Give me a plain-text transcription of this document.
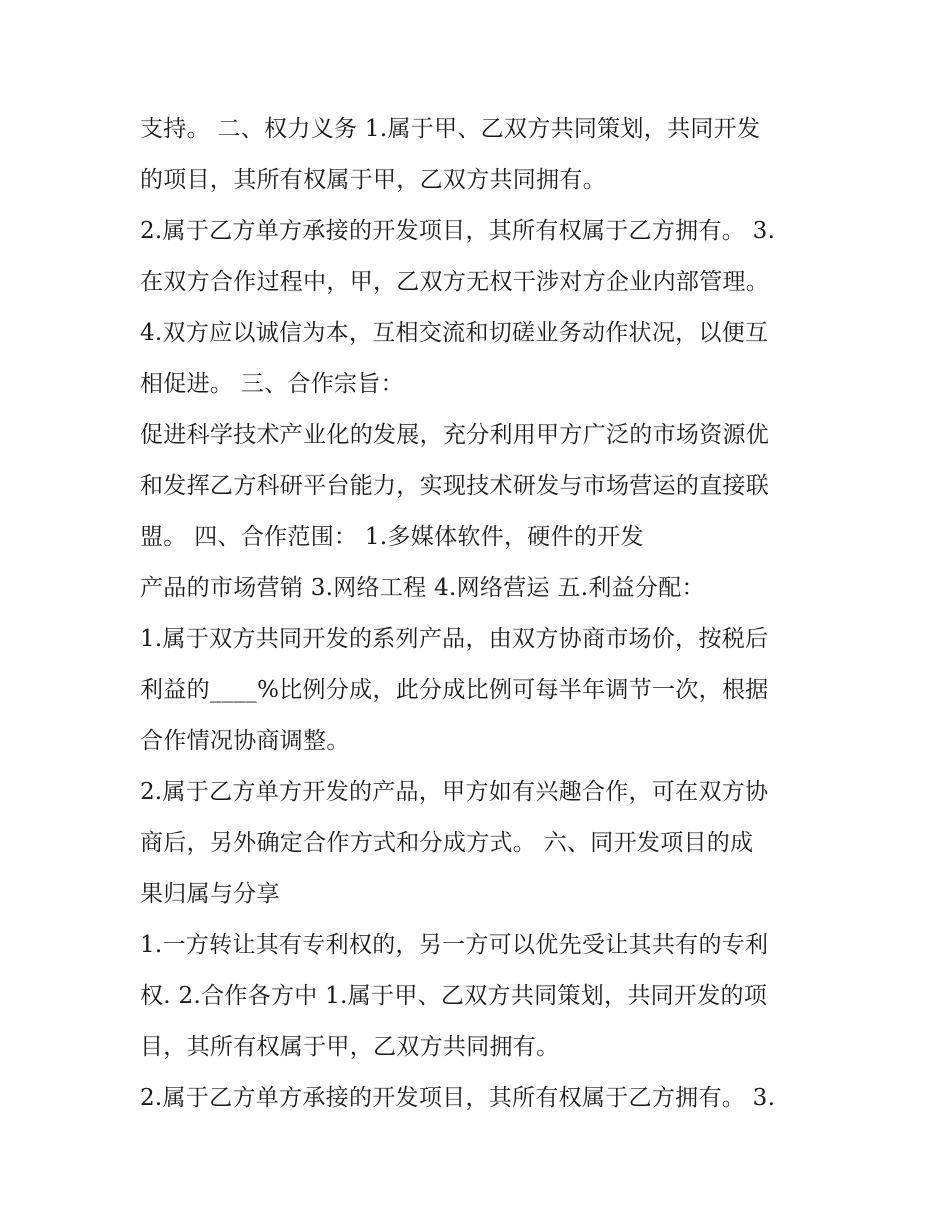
支持。 二、权力义务 1.属于甲、乙双方共同策划，共同开发
的项目，其所有权属于甲，乙双方共同拥有。
2.属于乙方单方承接的开发项目，其所有权属于乙方拥有。 3.
在双方合作过程中，甲，乙双方无权干涉对方企业内部管理。
4.双方应以诚信为本，互相交流和切磋业务动作状况，以便互
相促进。 三、合作宗旨：
促进科学技术产业化的发展，充分利用甲方广泛的市场资源优
和发挥乙方科研平台能力，实现技术研发与市场营运的直接联
盟。 四、合作范围： 1.多媒体软件，硬件的开发
产品的市场营销 3.网络工程 4.网络营运 五.利益分配：
1.属于双方共同开发的系列产品，由双方协商市场价，按税后
利益的____%比例分成，此分成比例可每半年调节一次，根据
合作情况协商调整。
2.属于乙方单方开发的产品，甲方如有兴趣合作，可在双方协
商后，另外确定合作方式和分成方式。 六、同开发项目的成
果归属与分享
1.一方转让其有专利权的，另一方可以优先受让其共有的专利
权. 2.合作各方中 1.属于甲、乙双方共同策划，共同开发的项
目，其所有权属于甲，乙双方共同拥有。
2.属于乙方单方承接的开发项目，其所有权属于乙方拥有。 3.
